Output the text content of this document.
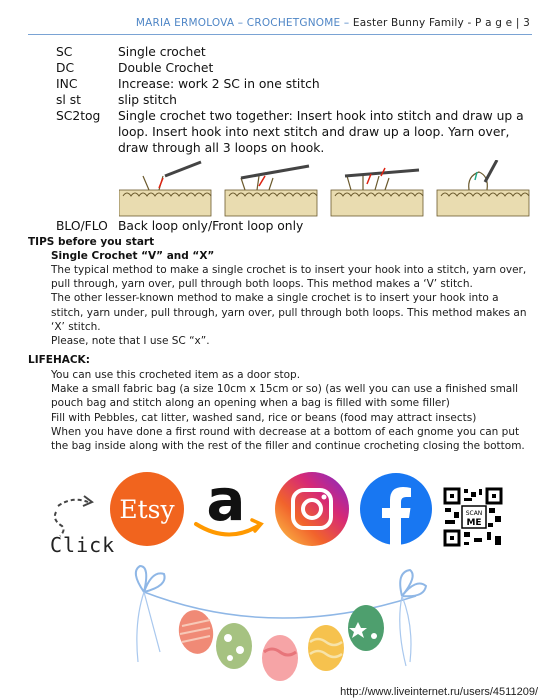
MARIA ERMOLOVA – CROCHETGNOME – Easter Bunny Family - P a g e | 3
SC	Single crochet
DC	Double Crochet
INC	Increase: work 2 SC in one stitch
sl st	slip stitch
SC2tog	Single crochet two together: Insert hook into stitch and draw up a loop. Insert hook into next stitch and draw up a loop. Yarn over, draw through all 3 loops on hook.
BLO/FLO Back loop only/Front loop only
TIPS before you start
Single Crochet “V” and “X”

The typical method to make a single crochet is to insert your hook into a stitch, yarn over, pull through, yarn over, pull through both loops. This method makes a ‘V’ stitch.

The other lesser-known method to make a single crochet is to insert your hook into a stitch, yarn under, pull through, yarn over, pull through both loops. This method makes an ‘X’ stitch.

Please, note that I use SC “x”.

LIFEHACK:

You can use this crocheted item as a door stop.

Make a small fabric bag (a size 10cm x 15cm or so) (as well you can use a finished small pouch bag and stitch along an opening when a bag is filled with some filler)

Fill with Pebbles, cat litter, washed sand, rice or beans (food may attract insects)

When you have done a first round with decrease at a bottom of each gnome you can put the bag inside along with the rest of the filler and continue crocheting closing the bottom.

Etsy a	SCAN
ME
Click
http://www.liveinternet.ru/users/4511209/
